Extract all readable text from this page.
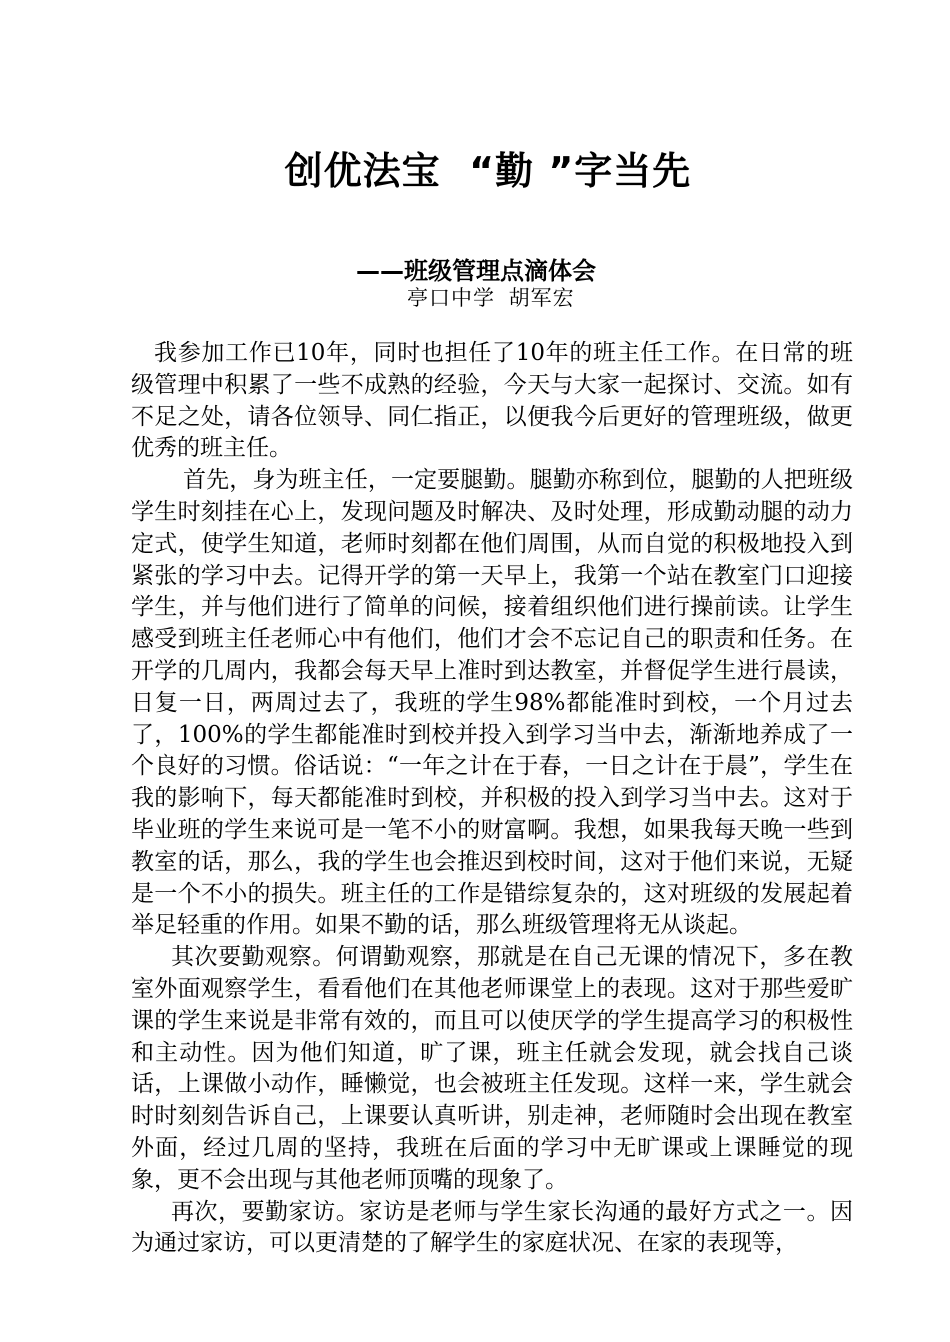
创优法宝  “勤 ”字当先
——班级管理点滴体会
亭口中学 胡军宏

我参加工作已10年，同时也担任了10年的班主任工作。在日常的班级管理中积累了一些不成熟的经验，今天与大家一起探讨、交流。如有不足之处，请各位领导、同仁指正，以便我今后更好的管理班级，做更优秀的班主任。

首先，身为班主任，一定要腿勤。腿勤亦称到位，腿勤的人把班级学生时刻挂在心上，发现问题及时解决、及时处理，形成勤动腿的动力定式，使学生知道，老师时刻都在他们周围，从而自觉的积极地投入到紧张的学习中去。记得开学的第一天早上，我第一个站在教室门口迎接学生，并与他们进行了简单的问候，接着组织他们进行操前读。让学生感受到班主任老师心中有他们，他们才会不忘记自己的职责和任务。在开学的几周内，我都会每天早上准时到达教室，并督促学生进行晨读，日复一日，两周过去了，我班的学生98%都能准时到校，一个月过去了，100%的学生都能准时到校并投入到学习当中去，渐渐地养成了一个良好的习惯。俗话说：“一年之计在于春，一日之计在于晨”，学生在我的影响下，每天都能准时到校，并积极的投入到学习当中去。这对于毕业班的学生来说可是一笔不小的财富啊。我想，如果我每天晚一些到教室的话，那么，我的学生也会推迟到校时间，这对于他们来说，无疑是一个不小的损失。班主任的工作是错综复杂的，这对班级的发展起着举足轻重的作用。如果不勤的话，那么班级管理将无从谈起。

其次要勤观察。何谓勤观察，那就是在自己无课的情况下，多在教室外面观察学生，看看他们在其他老师课堂上的表现。这对于那些爱旷课的学生来说是非常有效的，而且可以使厌学的学生提高学习的积极性和主动性。因为他们知道，旷了课，班主任就会发现，就会找自己谈话，上课做小动作，睡懒觉，也会被班主任发现。这样一来，学生就会时时刻刻告诉自己，上课要认真听讲，别走神，老师随时会出现在教室外面，经过几周的坚持，我班在后面的学习中无旷课或上课睡觉的现象，更不会出现与其他老师顶嘴的现象了。

再次，要勤家访。家访是老师与学生家长沟通的最好方式之一。因为通过家访，可以更清楚的了解学生的家庭状况、在家的表现等，
